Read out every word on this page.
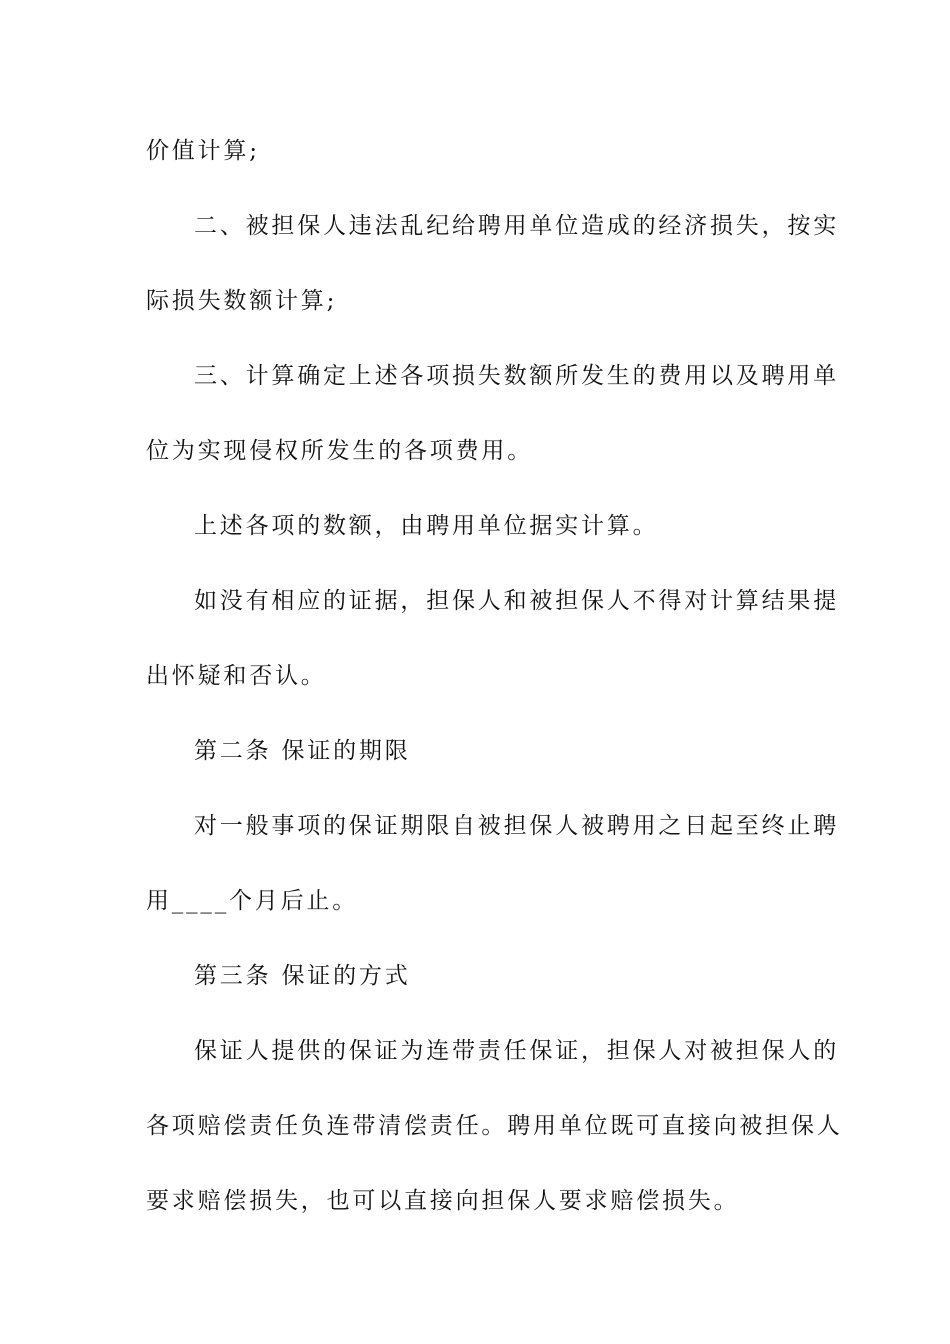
价值计算;
二、被担保人违法乱纪给聘用单位造成的经济损失，按实
际损失数额计算;
三、计算确定上述各项损失数额所发生的费用以及聘用单
位为实现侵权所发生的各项费用。
上述各项的数额，由聘用单位据实计算。
如没有相应的证据，担保人和被担保人不得对计算结果提
出怀疑和否认。
第二条 保证的期限
对一般事项的保证期限自被担保人被聘用之日起至终止聘
用____个月后止。
第三条 保证的方式
保证人提供的保证为连带责任保证，担保人对被担保人的
各项赔偿责任负连带清偿责任。聘用单位既可直接向被担保人
要求赔偿损失，也可以直接向担保人要求赔偿损失。
